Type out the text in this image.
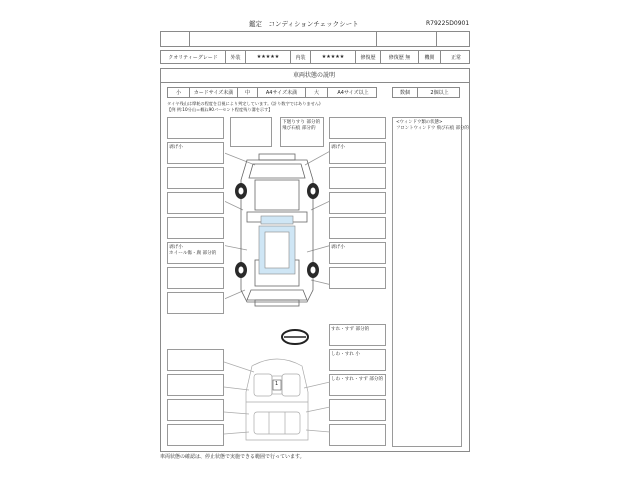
鑑定　コンディションチェックシート	R79225D0901
クオリティーグレード	外装	★★★★★	内装	★★★★★	修復歴	修復歴 無	機関	正常
車両状態の説明
小	カードサイズ未満	中	A4サイズ未満	大	A4サイズ以上	数個	2個以上
タイヤ残山は摩耗の程度を目視により判定しています。(計り数字ではありません)
【例 例:10分山＝概ね90パーセント程度残り溝を示す】
<ウィンドウ類の状態>
フロントウィンドウ 飛び石痕 部分的
剥げ小
剥げ小
ホイール傷・腐 部分的
下廻りすり 部分的
飛び石痕 部分的
剥げ小
剥げ小
すれ・すず 部分的
しわ・すれ 小
しわ・すれ・すず 部分的
1
車両状態の確認は、停止状態で実施できる範囲で行っています。
